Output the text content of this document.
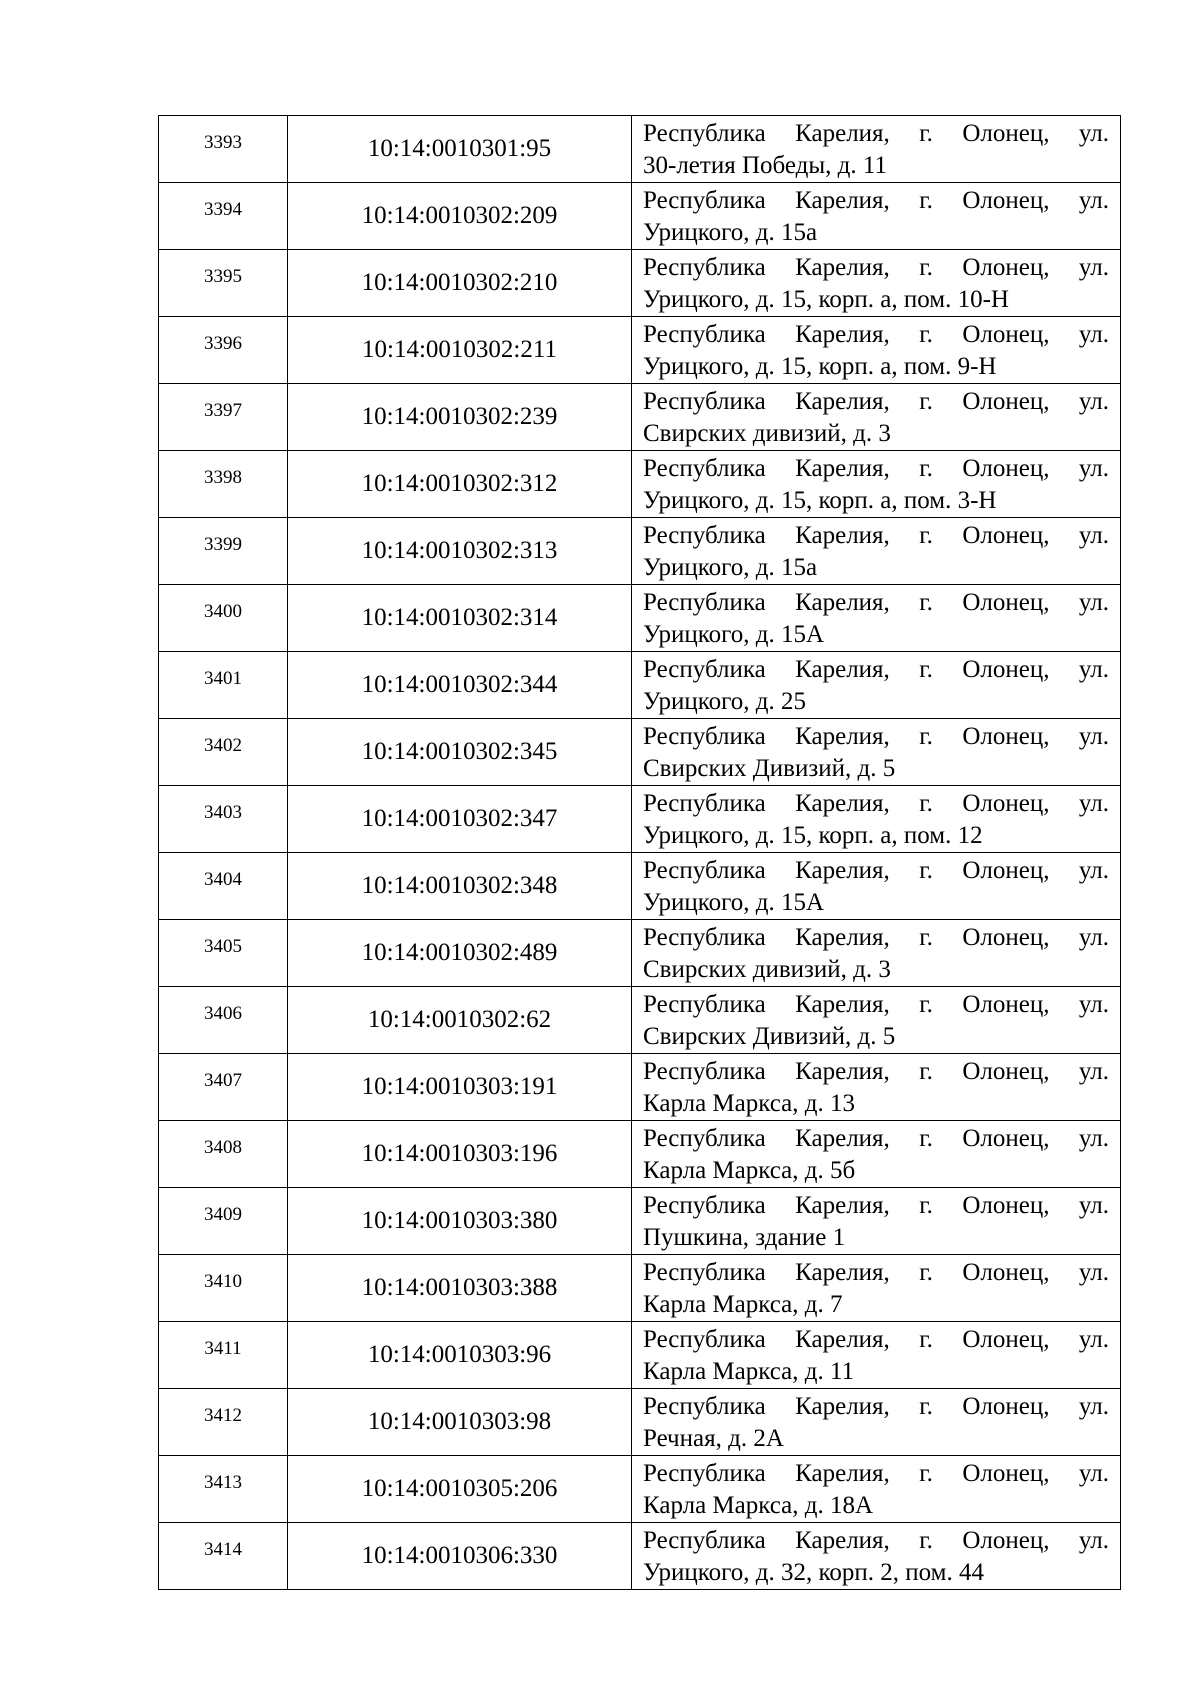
3393	10:14:0010301:95	Республика Карелия, г. Олонец, ул.
30-летия Победы, д. 11

3394	10:14:0010302:209	Республика Карелия, г. Олонец, ул.
Урицкого, д. 15а

3395	10:14:0010302:210	Республика Карелия, г. Олонец, ул.
Урицкого, д. 15, корп. а, пом. 10-Н

3396	10:14:0010302:211	Республика Карелия, г. Олонец, ул.
Урицкого, д. 15, корп. а, пом. 9-Н

3397	10:14:0010302:239	Республика Карелия, г. Олонец, ул.
Свирских дивизий, д. 3

3398	10:14:0010302:312	Республика Карелия, г. Олонец, ул.
Урицкого, д. 15, корп. а, пом. 3-Н

3399	10:14:0010302:313	Республика Карелия, г. Олонец, ул.
Урицкого, д. 15а

3400	10:14:0010302:314	Республика Карелия, г. Олонец, ул.
Урицкого, д. 15А

3401	10:14:0010302:344	Республика Карелия, г. Олонец, ул.
Урицкого, д. 25

3402	10:14:0010302:345	Республика Карелия, г. Олонец, ул.
Свирских Дивизий, д. 5

3403	10:14:0010302:347	Республика Карелия, г. Олонец, ул.
Урицкого, д. 15, корп. а, пом. 12

3404	10:14:0010302:348	Республика Карелия, г. Олонец, ул.
Урицкого, д. 15А

3405	10:14:0010302:489	Республика Карелия, г. Олонец, ул.
Свирских дивизий, д. 3

3406	10:14:0010302:62	Республика Карелия, г. Олонец, ул.
Свирских Дивизий, д. 5

3407	10:14:0010303:191	Республика Карелия, г. Олонец, ул.
Карла Маркса, д. 13

3408	10:14:0010303:196	Республика Карелия, г. Олонец, ул.
Карла Маркса, д. 5б

3409	10:14:0010303:380	Республика Карелия, г. Олонец, ул.
Пушкина, здание 1

3410	10:14:0010303:388	Республика Карелия, г. Олонец, ул.
Карла Маркса, д. 7

3411	10:14:0010303:96	Республика Карелия, г. Олонец, ул.
Карла Маркса, д. 11

3412	10:14:0010303:98	Республика Карелия, г. Олонец, ул.
Речная, д. 2А

3413	10:14:0010305:206	Республика Карелия, г. Олонец, ул.
Карла Маркса, д. 18А

3414	10:14:0010306:330	Республика Карелия, г. Олонец, ул.
Урицкого, д. 32, корп. 2, пом. 44
